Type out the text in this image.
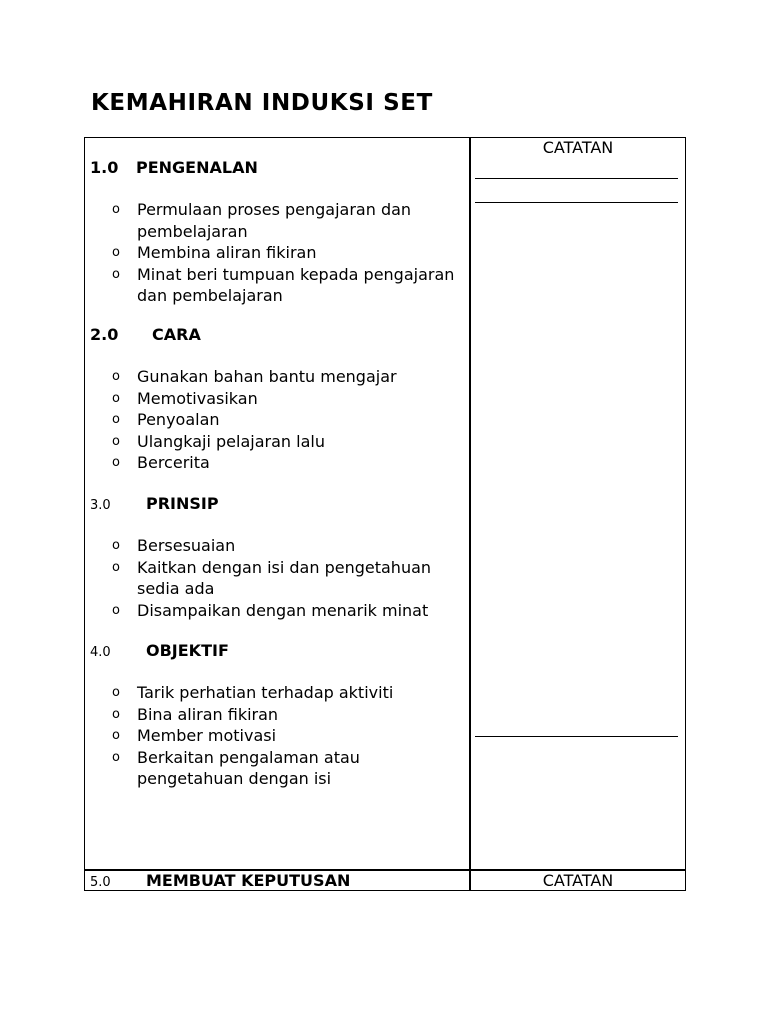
KEMAHIRAN INDUKSI SET
CATATAN
1.0 PENGENALAN
o Permulaan proses pengajaran dan pembelajaran
o Membina aliran fikiran
o Minat beri tumpuan kepada pengajaran dan pembelajaran
2.0 CARA
o Gunakan bahan bantu mengajar
o Memotivasikan
o Penyoalan
o Ulangkaji pelajaran lalu
o Bercerita
3.0 PRINSIP
o Bersesuaian
o Kaitkan dengan isi dan pengetahuan sedia ada
o Disampaikan dengan menarik minat
4.0 OBJEKTIF
o Tarik perhatian terhadap aktiviti
o Bina aliran fikiran
o Member motivasi
o Berkaitan pengalaman atau pengetahuan dengan isi
5.0 MEMBUAT KEPUTUSAN	CATATAN
